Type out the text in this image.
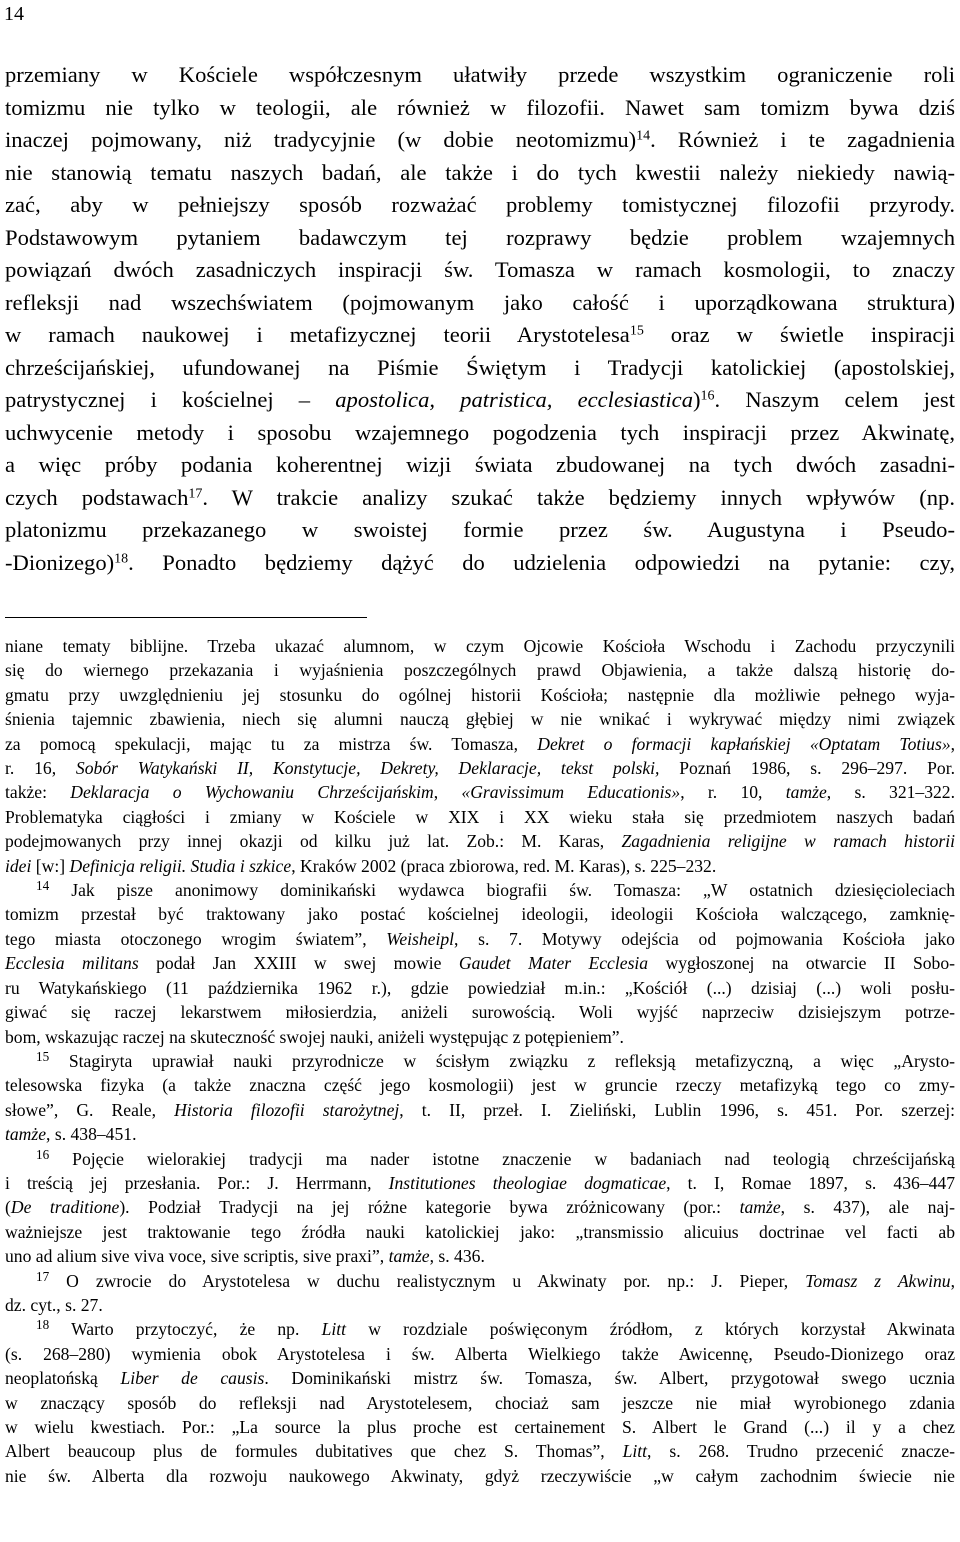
14
przemiany w Kościele współczesnym ułatwiły przede wszystkim ograniczenie roli
tomizmu nie tylko w teologii, ale również w filozofii. Nawet sam tomizm bywa dziś
inaczej pojmowany, niż tradycyjnie (w dobie neotomizmu)$^{14}$. Również i te zagadnienia
nie stanowią tematu naszych badań, ale także i do tych kwestii należy niekiedy nawią-
zać, aby w pełniejszy sposób rozważać problemy tomistycznej filozofii przyrody.
Podstawowym pytaniem badawczym tej rozprawy będzie problem wzajemnych
powiązań dwóch zasadniczych inspiracji św. Tomasza w ramach kosmologii, to znaczy
refleksji nad wszechświatem (pojmowanym jako całość i uporządkowana struktura)
w ramach naukowej i metafizycznej teorii Arystotelesa$^{15}$ oraz w świetle inspiracji
chrześcijańskiej, ufundowanej na Piśmie Świętym i Tradycji katolickiej (apostolskiej,
patrystycznej i kościelnej – apostolica, patristica, ecclesiastica)$^{16}$. Naszym celem jest
uchwycenie metody i sposobu wzajemnego pogodzenia tych inspiracji przez Akwinatę,
a więc próby podania koherentnej wizji świata zbudowanej na tych dwóch zasadni-
czych podstawach$^{17}$. W trakcie analizy szukać także będziemy innych wpływów (np.
platonizmu przekazanego w swoistej formie przez św. Augustyna i Pseudo-
-Dionizego)$^{18}$. Ponadto będziemy dążyć do udzielenia odpowiedzi na pytanie: czy,
niane tematy biblijne. Trzeba ukazać alumnom, w czym Ojcowie Kościoła Wschodu i Zachodu przyczynili
się do wiernego przekazania i wyjaśnienia poszczególnych prawd Objawienia, a także dalszą historię do-
gmatu przy uwzględnieniu jej stosunku do ogólnej historii Kościoła; następnie dla możliwie pełnego wyja-
śnienia tajemnic zbawienia, niech się alumni nauczą głębiej w nie wnikać i wykrywać między nimi związek
za pomocą spekulacji, mając tu za mistrza św. Tomasza, Dekret o formacji kapłańskiej «Optatam Totius»,
r. 16, Sobór Watykański II, Konstytucje, Dekrety, Deklaracje, tekst polski, Poznań 1986, s. 296–297. Por.
także: Deklaracja o Wychowaniu Chrześcijańskim, «Gravissimum Educationis», r. 10, tamże, s. 321–322.
Problematyka ciągłości i zmiany w Kościele w XIX i XX wieku stała się przedmiotem naszych badań
podejmowanych przy innej okazji od kilku już lat. Zob.: M. Karas, Zagadnienia religijne w ramach historii
idei [w:] Definicja religii. Studia i szkice, Kraków 2002 (praca zbiorowa, red. M. Karas), s. 225–232.
$^{14}$ Jak pisze anonimowy dominikański wydawca biografii św. Tomasza: „W ostatnich dziesięcioleciach
tomizm przestał być traktowany jako postać kościelnej ideologii, ideologii Kościoła walczącego, zamknię-
tego miasta otoczonego wrogim światem”, Weisheipl, s. 7. Motywy odejścia od pojmowania Kościoła jako
Ecclesia militans podał Jan XXIII w swej mowie Gaudet Mater Ecclesia wygłoszonej na otwarcie II Sobo-
ru Watykańskiego (11 października 1962 r.), gdzie powiedział m.in.: „Kościół (...) dzisiaj (...) woli posłu-
giwać się raczej lekarstwem miłosierdzia, aniżeli surowością. Woli wyjść naprzeciw dzisiejszym potrze-
bom, wskazując raczej na skuteczność swojej nauki, aniżeli występując z potępieniem”.
$^{15}$ Stagiryta uprawiał nauki przyrodnicze w ścisłym związku z refleksją metafizyczną, a więc „Arysto-
telesowska fizyka (a także znaczna część jego kosmologii) jest w gruncie rzeczy metafizyką tego co zmy-
słowe”, G. Reale, Historia filozofii starożytnej, t. II, przeł. I. Zieliński, Lublin 1996, s. 451. Por. szerzej:
tamże, s. 438–451.
$^{16}$ Pojęcie wielorakiej tradycji ma nader istotne znaczenie w badaniach nad teologią chrześcijańską
i treścią jej przesłania. Por.: J. Herrmann, Institutiones theologiae dogmaticae, t. I, Romae 1897, s. 436–447
(De traditione). Podział Tradycji na jej różne kategorie bywa zróżnicowany (por.: tamże, s. 437), ale naj-
ważniejsze jest traktowanie tego źródła nauki katolickiej jako: „transmissio alicuius doctrinae vel facti ab
uno ad alium sive viva voce, sive scriptis, sive praxi”, tamże, s. 436.
$^{17}$ O zwrocie do Arystotelesa w duchu realistycznym u Akwinaty por. np.: J. Pieper, Tomasz z Akwinu,
dz. cyt., s. 27.
$^{18}$ Warto przytoczyć, że np. Litt w rozdziale poświęconym źródłom, z których korzystał Akwinata
(s. 268–280) wymienia obok Arystotelesa i św. Alberta Wielkiego także Awicennę, Pseudo-Dionizego oraz
neoplatońską Liber de causis. Dominikański mistrz św. Tomasza, św. Albert, przygotował swego ucznia
w znaczący sposób do refleksji nad Arystotelesem, chociaż sam jeszcze nie miał wyrobionego zdania
w wielu kwestiach. Por.: „La source la plus proche est certainement S. Albert le Grand (...) il y a chez
Albert beaucoup plus de formules dubitatives que chez S. Thomas”, Litt, s. 268. Trudno przecenić znacze-
nie św. Alberta dla rozwoju naukowego Akwinaty, gdyż rzeczywiście „w całym zachodnim świecie nie
